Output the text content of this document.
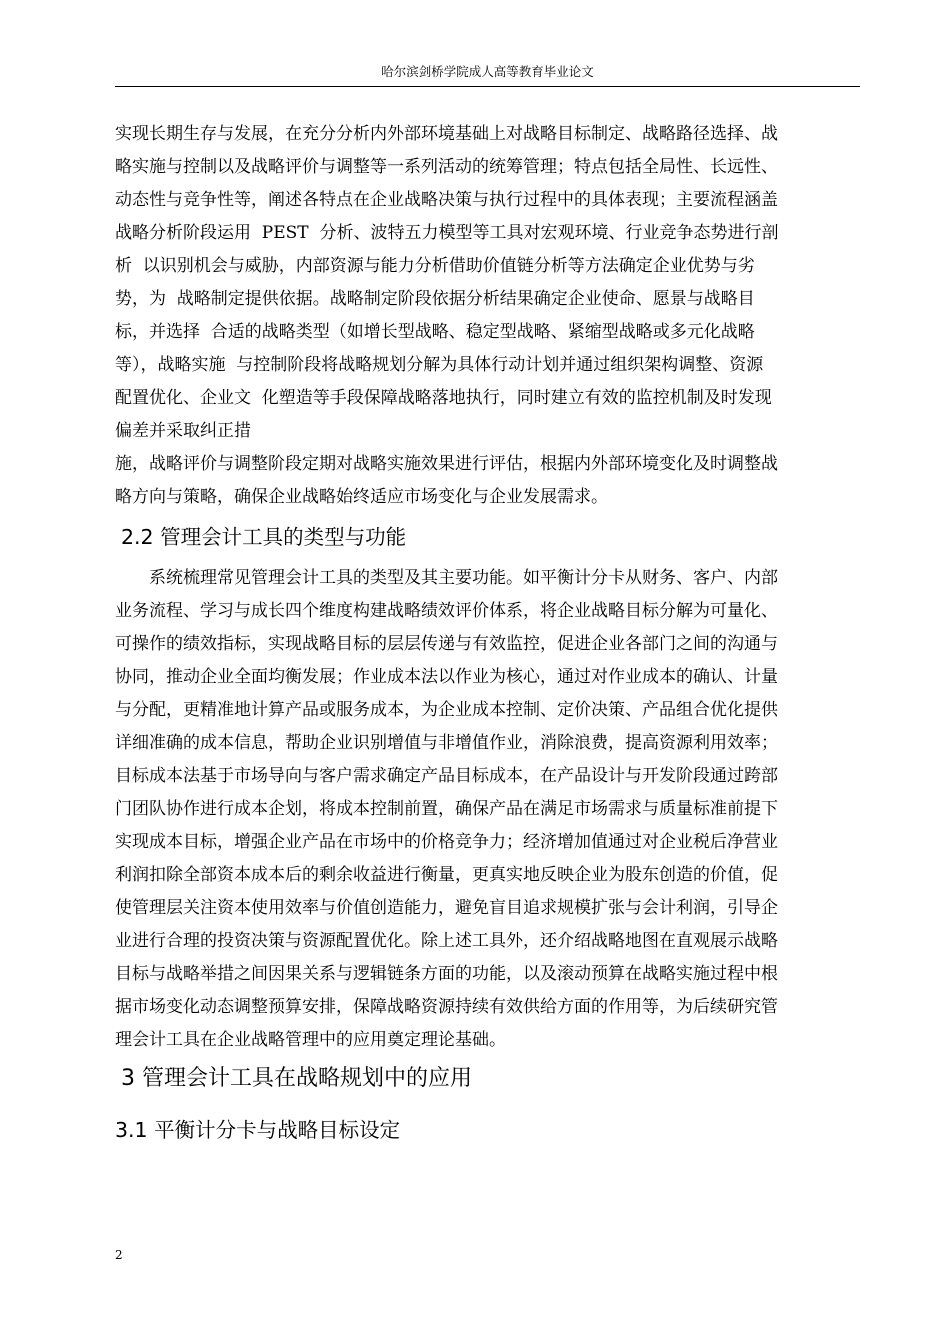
哈尔滨剑桥学院成人高等教育毕业论文
实现长期生存与发展，在充分分析内外部环境基础上对战略目标制定、战略路径选择、战
略实施与控制以及战略评价与调整等一系列活动的统筹管理；特点包括全局性、长远性、
动态性与竞争性等，阐述各特点在企业战略决策与执行过程中的具体表现；主要流程涵盖
战略分析阶段运用  PEST  分析、波特五力模型等工具对宏观环境、行业竞争态势进行剖
析  以识别机会与威胁，内部资源与能力分析借助价值链分析等方法确定企业优势与劣
势，为  战略制定提供依据。战略制定阶段依据分析结果确定企业使命、愿景与战略目
标，并选择  合适的战略类型（如增长型战略、稳定型战略、紧缩型战略或多元化战略
等），战略实施  与控制阶段将战略规划分解为具体行动计划并通过组织架构调整、资源
配置优化、企业文  化塑造等手段保障战略落地执行，同时建立有效的监控机制及时发现
偏差并采取纠正措
施，战略评价与调整阶段定期对战略实施效果进行评估，根据内外部环境变化及时调整战
略方向与策略，确保企业战略始终适应市场变化与企业发展需求。
2.2 管理会计工具的类型与功能
系统梳理常见管理会计工具的类型及其主要功能。如平衡计分卡从财务、客户、内部
业务流程、学习与成长四个维度构建战略绩效评价体系，将企业战略目标分解为可量化、
可操作的绩效指标，实现战略目标的层层传递与有效监控，促进企业各部门之间的沟通与
协同，推动企业全面均衡发展；作业成本法以作业为核心，通过对作业成本的确认、计量
与分配，更精准地计算产品或服务成本，为企业成本控制、定价决策、产品组合优化提供
详细准确的成本信息，帮助企业识别增值与非增值作业，消除浪费，提高资源利用效率；
目标成本法基于市场导向与客户需求确定产品目标成本，在产品设计与开发阶段通过跨部
门团队协作进行成本企划，将成本控制前置，确保产品在满足市场需求与质量标准前提下
实现成本目标，增强企业产品在市场中的价格竞争力；经济增加值通过对企业税后净营业
利润扣除全部资本成本后的剩余收益进行衡量，更真实地反映企业为股东创造的价值，促
使管理层关注资本使用效率与价值创造能力，避免盲目追求规模扩张与会计利润，引导企
业进行合理的投资决策与资源配置优化。除上述工具外，还介绍战略地图在直观展示战略
目标与战略举措之间因果关系与逻辑链条方面的功能，以及滚动预算在战略实施过程中根
据市场变化动态调整预算安排，保障战略资源持续有效供给方面的作用等，为后续研究管
理会计工具在企业战略管理中的应用奠定理论基础。
3 管理会计工具在战略规划中的应用
3.1 平衡计分卡与战略目标设定
2
